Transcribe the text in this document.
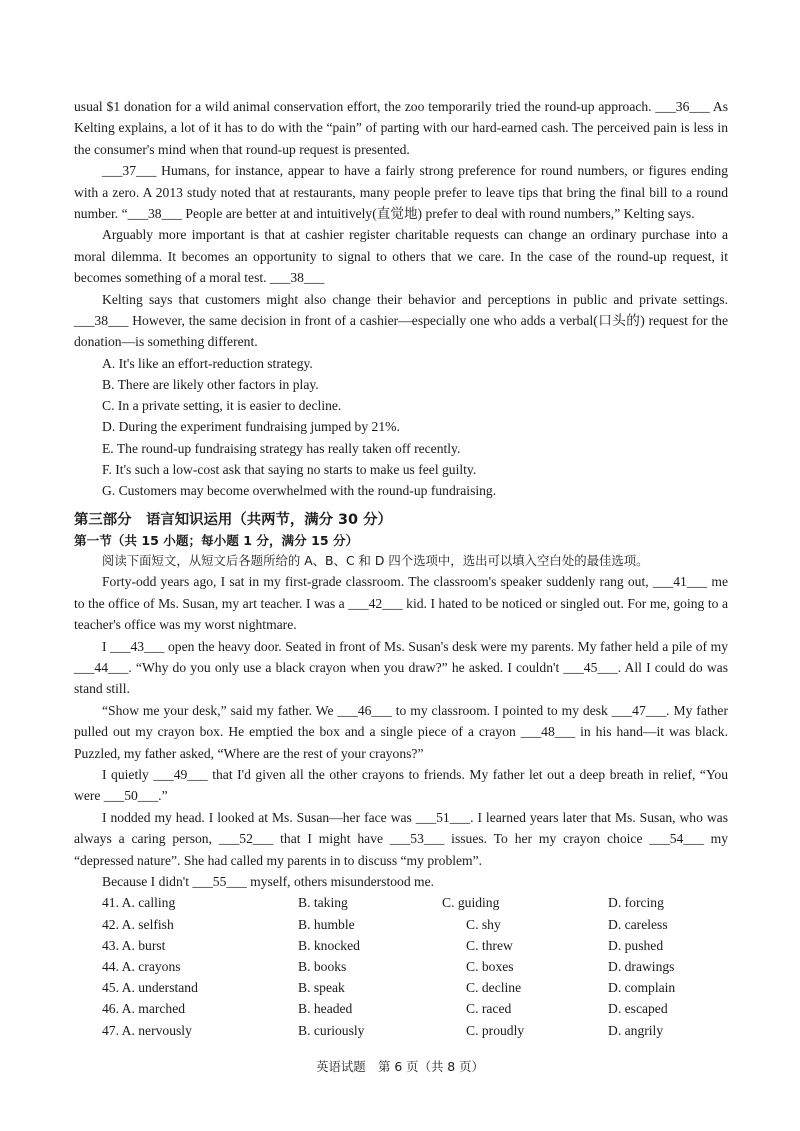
usual $1 donation for a wild animal conservation effort, the zoo temporarily tried the round-up approach. ___36___ As Kelting explains, a lot of it has to do with the “pain” of parting with our hard-earned cash. The perceived pain is less in the consumer's mind when that round-up request is presented.

___37___ Humans, for instance, appear to have a fairly strong preference for round numbers, or figures ending with a zero. A 2013 study noted that at restaurants, many people prefer to leave tips that bring the final bill to a round number. “___38___ People are better at and intuitively(直觉地) prefer to deal with round numbers,” Kelting says.

Arguably more important is that at cashier register charitable requests can change an ordinary purchase into a moral dilemma. It becomes an opportunity to signal to others that we care. In the case of the round-up request, it becomes something of a moral test. ___38___

Kelting says that customers might also change their behavior and perceptions in public and private settings. ___38___ However, the same decision in front of a cashier—especially one who adds a verbal(口头的) request for the donation—is something different.

A. It's like an effort-reduction strategy.
B. There are likely other factors in play.
C. In a private setting, it is easier to decline.
D. During the experiment fundraising jumped by 21%.
E. The round-up fundraising strategy has really taken off recently.
F. It's such a low-cost ask that saying no starts to make us feel guilty.
G. Customers may become overwhelmed with the round-up fundraising.
第三部分　语言知识运用（共两节，满分 30 分）
第一节（共 15 小题；每小题 1 分，满分 15 分）

阅读下面短文，从短文后各题所给的 A、B、C 和 D 四个选项中，选出可以填入空白处的最佳选项。

Forty-odd years ago, I sat in my first-grade classroom. The classroom's speaker suddenly rang out, ___41___ me to the office of Ms. Susan, my art teacher. I was a ___42___ kid. I hated to be noticed or singled out. For me, going to a teacher's office was my worst nightmare.

I ___43___ open the heavy door. Seated in front of Ms. Susan's desk were my parents. My father held a pile of my ___44___. “Why do you only use a black crayon when you draw?” he asked. I couldn't ___45___. All I could do was stand still.

“Show me your desk,” said my father. We ___46___ to my classroom. I pointed to my desk ___47___. My father pulled out my crayon box. He emptied the box and a single piece of a crayon ___48___ in his hand—it was black. Puzzled, my father asked, “Where are the rest of your crayons?”

I quietly ___49___ that I'd given all the other crayons to friends. My father let out a deep breath in relief, “You were ___50___.”

I nodded my head. I looked at Ms. Susan—her face was ___51___. I learned years later that Ms. Susan, who was always a caring person, ___52___ that I might have ___53___ issues. To her my crayon choice ___54___ my “depressed nature”. She had called my parents in to discuss “my problem”.

Because I didn't ___55___ myself, others misunderstood me.

41. A. calling	B. taking	C. guiding	D. forcing
42. A. selfish	B. humble	C. shy	D. careless
43. A. burst	B. knocked	C. threw	D. pushed
44. A. crayons	B. books	C. boxes	D. drawings
45. A. understand	B. speak	C. decline	D. complain
46. A. marched	B. headed	C. raced	D. escaped
47. A. nervously	B. curiously	C. proudly	D. angrily
英语试题　第 6 页（共 8 页）
